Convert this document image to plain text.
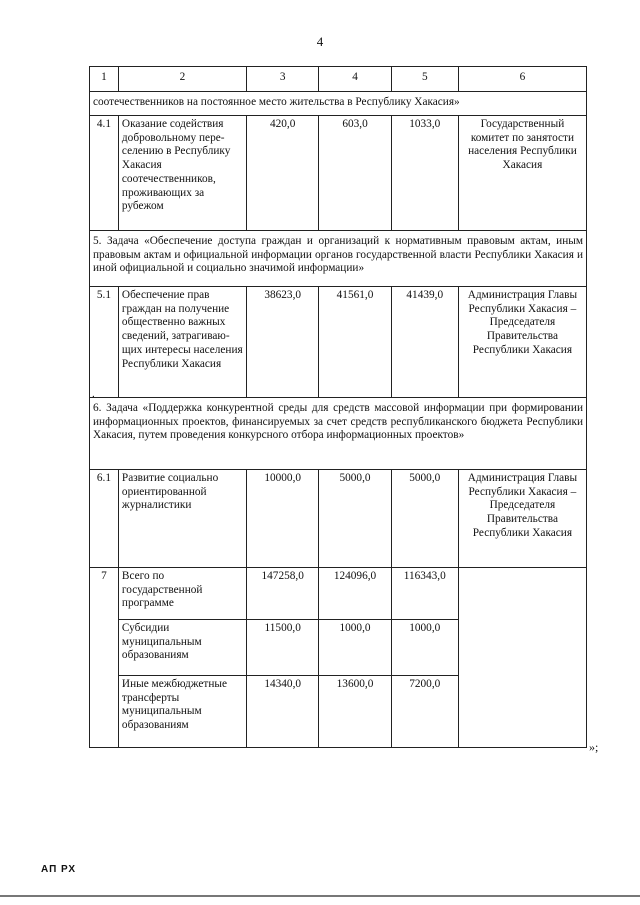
4
1	2	3	4	5	6
соотечественников на постоянное место жительства в Республику Хакасия»					
4.1	Оказание содействия добровольному пере-селению в Республику Хакасия соотечественников, проживающих за рубежом	420,0	603,0	1033,0	Государственный комитет по занятости населения Республики Хакасия
5. Задача «Обеспечение доступа граждан и организаций к нормативным правовым актам, иным правовым актам и официальной информации органов государственной власти Республики Хакасия и иной официальной и социально значимой информации»					
5.1	Обеспечение прав граждан на получение общественно важных сведений, затрагиваю-щих интересы населения Республики Хакасия	38623,0	41561,0	41439,0	Администрация Главы Республики Хакасия – Председателя Правительства Республики Хакасия
6. Задача «Поддержка конкурентной среды для средств массовой информации при формировании информационных проектов, финансируемых за счет средств республиканского бюджета Республики Хакасия, путем проведения конкурсного отбора информационных проектов»					
6.1	Развитие социально ориентированной журналистики	10000,0	5000,0	5000,0	Администрация Главы Республики Хакасия – Председателя Правительства Республики Хакасия
7	Всего по государственной программе	147258,0	124096,0	116343,0	
	Субсидии муниципальным образованиям	11500,0	1000,0	1000,0	
	Иные межбюджетные трансферты муниципальным образованиям	14340,0	13600,0	7200,0	
.
»;
АП РХ
